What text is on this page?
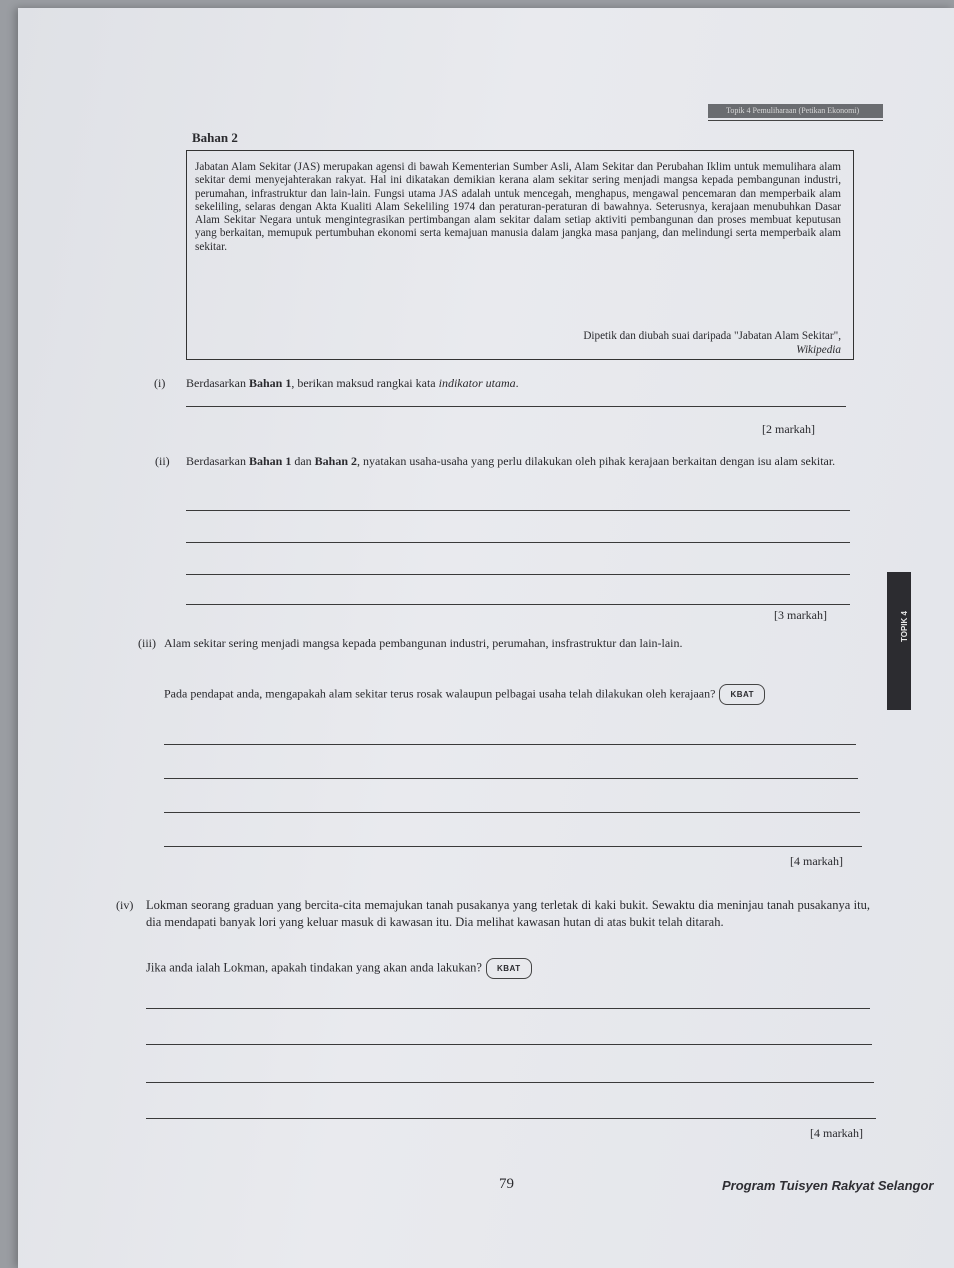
Topik 4 Pemuliharaan (Petikan Ekonomi)
Bahan 2
Jabatan Alam Sekitar (JAS) merupakan agensi di bawah Kementerian Sumber Asli, Alam Sekitar dan Perubahan Iklim untuk memulihara alam sekitar demi menyejahterakan rakyat. Hal ini dikatakan demikian kerana alam sekitar sering menjadi mangsa kepada pembangunan industri, perumahan, infrastruktur dan lain-lain. Fungsi utama JAS adalah untuk mencegah, menghapus, mengawal pencemaran dan memperbaik alam sekeliling, selaras dengan Akta Kualiti Alam Sekeliling 1974 dan peraturan-peraturan di bawahnya. Seterusnya, kerajaan menubuhkan Dasar Alam Sekitar Negara untuk mengintegrasikan pertimbangan alam sekitar dalam setiap aktiviti pembangunan dan proses membuat keputusan yang berkaitan, memupuk pertumbuhan ekonomi serta kemajuan manusia dalam jangka masa panjang, dan melindungi serta memperbaik alam sekitar.
Dipetik dan diubah suai daripada "Jabatan Alam Sekitar",
Wikipedia
(i) Berdasarkan Bahan 1, berikan maksud rangkai kata indikator utama.
[2 markah]
(ii) Berdasarkan Bahan 1 dan Bahan 2, nyatakan usaha-usaha yang perlu dilakukan oleh pihak kerajaan berkaitan dengan isu alam sekitar.
[3 markah]
(iii) Alam sekitar sering menjadi mangsa kepada pembangunan industri, perumahan, insfrastruktur dan lain-lain.
Pada pendapat anda, mengapakah alam sekitar terus rosak walaupun pelbagai usaha telah dilakukan oleh kerajaan? KBAT
[4 markah]
(iv) Lokman seorang graduan yang bercita-cita memajukan tanah pusakanya yang terletak di kaki bukit. Sewaktu dia meninjau tanah pusakanya itu, dia mendapati banyak lori yang keluar masuk di kawasan itu. Dia melihat kawasan hutan di atas bukit telah ditarah.
Jika anda ialah Lokman, apakah tindakan yang akan anda lakukan? KBAT
[4 markah]
TOPIK 4
79	Program Tuisyen Rakyat Selangor
